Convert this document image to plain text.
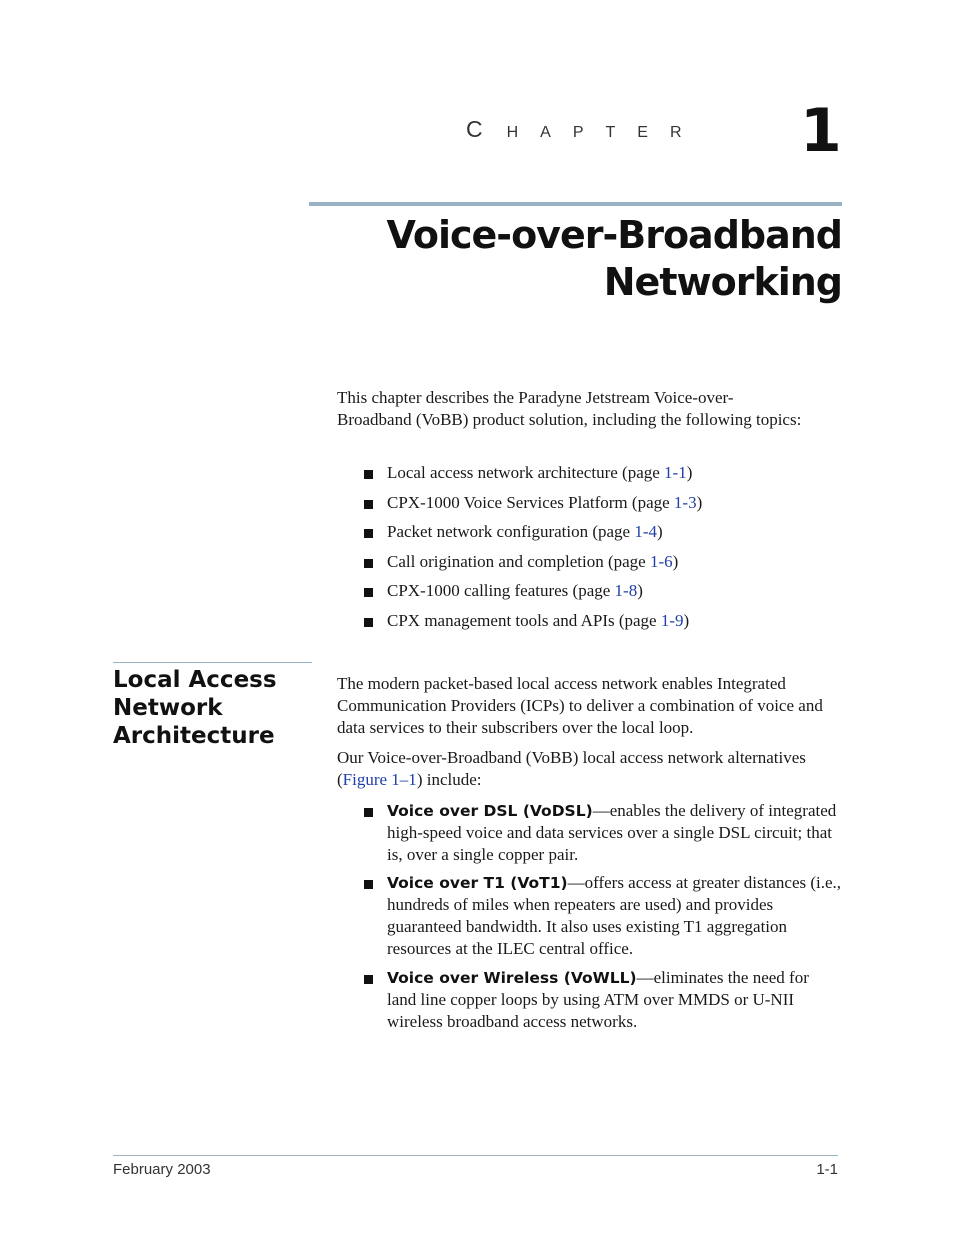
CHAPTER 1
Voice-over-Broadband
Networking

This chapter describes the Paradyne Jetstream Voice-over-Broadband (VoBB) product solution, including the following topics:

Local access network architecture (page 1-1)
CPX-1000 Voice Services Platform (page 1-3)
Packet network configuration (page 1-4)
Call origination and completion (page 1-6)
CPX-1000 calling features (page 1-8)
CPX management tools and APIs (page 1-9)
Local Access
Network
Architecture

The modern packet-based local access network enables Integrated Communication Providers (ICPs) to deliver a combination of voice and data services to their subscribers over the local loop.

Our Voice-over-Broadband (VoBB) local access network alternatives (Figure 1–1) include:

Voice over DSL (VoDSL)—enables the delivery of integrated high-speed voice and data services over a single DSL circuit; that is, over a single copper pair.
Voice over T1 (VoT1)—offers access at greater distances (i.e., hundreds of miles when repeaters are used) and provides guaranteed bandwidth. It also uses existing T1 aggregation resources at the ILEC central office.
Voice over Wireless (VoWLL)—eliminates the need for land line copper loops by using ATM over MMDS or U-NII wireless broadband access networks.
February 2003	1-1
